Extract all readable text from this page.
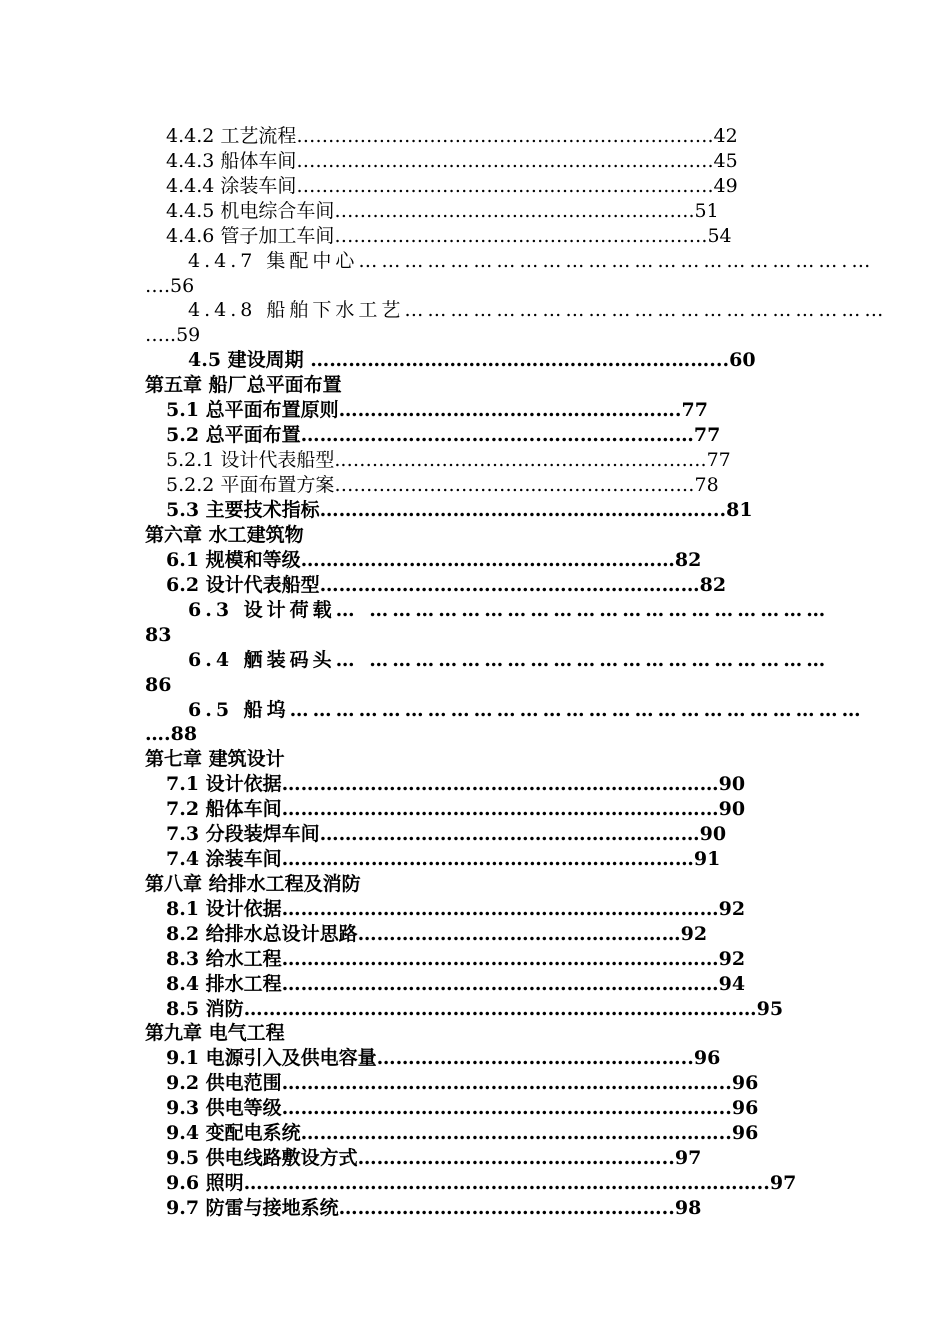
4.4.2 工艺流程…………………………………..…………………….42
4.4.3 船体车间…………………………………..…………………….45
4.4.4 涂装车间…………………………………..…………………….49
4.4.5 机电综合车间…………………………..…………………….51
4.4.6 管子加工车间……………………………….………………….54
4.4.7 集配中心……………………………………………………….…
….56
4.4.8 船舶下水工艺………………………………………………………
…..59
4.5 建设周期 ………………………………………………………...60
第五章 船厂总平面布置
5.1 总平面布置原则…………………………..………………….77
5.2 总平面布置………………………………..……………………77
5.2.1 设计代表船型..……………….……….……………………….77
5.2.2 平面布置方案…………………………...……………………78
5.3 主要技术指标……………………………………………………....81
第六章 水工建筑物
6.1 规模和等级……………..……………………………………82
6.2 设计代表船型……………………………………………………82
6.3 设计荷载… ……………………………………………………
83
6.4 舾装码头… ……………………………………………………
86
6.5 船坞…………………………………………………………………
….88
第七章 建筑设计
7.1 设计依据……………………………………………………………90
7.2 船体车间……………………………………………………………90
7.3 分段装焊车间……………………………………………………90
7.4 涂装车间………..………………………………………………91
第八章 给排水工程及消防
8.1 设计依据……………………………………………………………92
8.2 给排水总设计思路……………………………………………92
8.3 给水工程……………………………………………………………92
8.4 排水工程……………………………………………………………94
8.5 消防………………………………………………………………………95
第九章 电气工程
9.1 电源引入及供电容量…………………………………………..96
9.2 供电范围……………………………………………………………..96
9.3 供电等级……………………………………………………………..96
9.4 变配电系统…………………………………………………………..96
9.5 供电线路敷设方式…………………………………………..97
9.6 照明………………………………………………………………………..97
9.7 防雷与接地系统……………………………………………..98
